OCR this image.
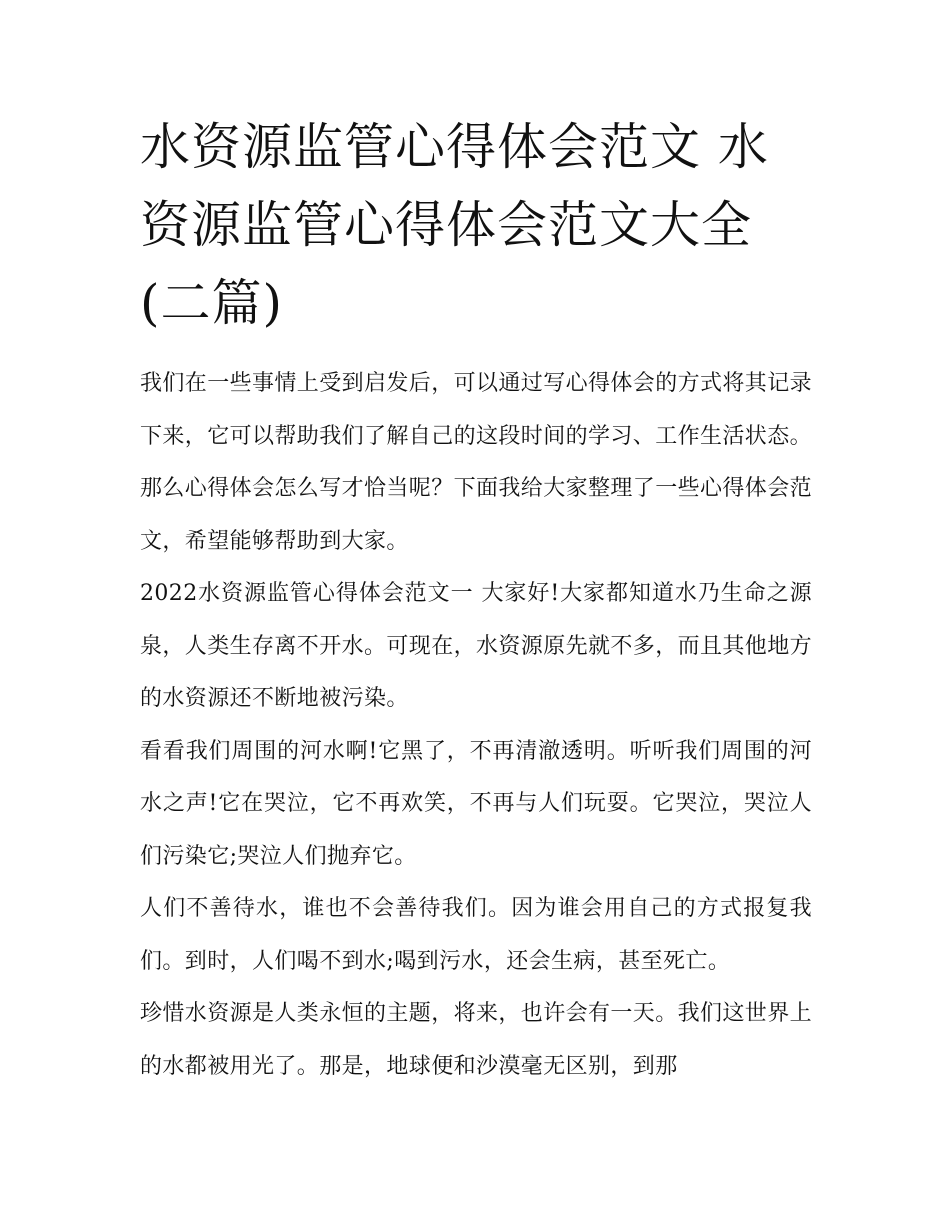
水资源监管心得体会范文 水资源监管心得体会范文大全(二篇)

我们在一些事情上受到启发后，可以通过写心得体会的方式将其记录下来，它可以帮助我们了解自己的这段时间的学习、工作生活状态。那么心得体会怎么写才恰当呢？下面我给大家整理了一些心得体会范文，希望能够帮助到大家。

2022水资源监管心得体会范文一 大家好!大家都知道水乃生命之源泉，人类生存离不开水。可现在，水资源原先就不多，而且其他地方的水资源还不断地被污染。

看看我们周围的河水啊!它黑了，不再清澈透明。听听我们周围的河水之声!它在哭泣，它不再欢笑，不再与人们玩耍。它哭泣，哭泣人们污染它;哭泣人们抛弃它。

人们不善待水，谁也不会善待我们。因为谁会用自己的方式报复我们。到时，人们喝不到水;喝到污水，还会生病，甚至死亡。

珍惜水资源是人类永恒的主题，将来，也许会有一天。我们这世界上的水都被用光了。那是，地球便和沙漠毫无区别，到那
